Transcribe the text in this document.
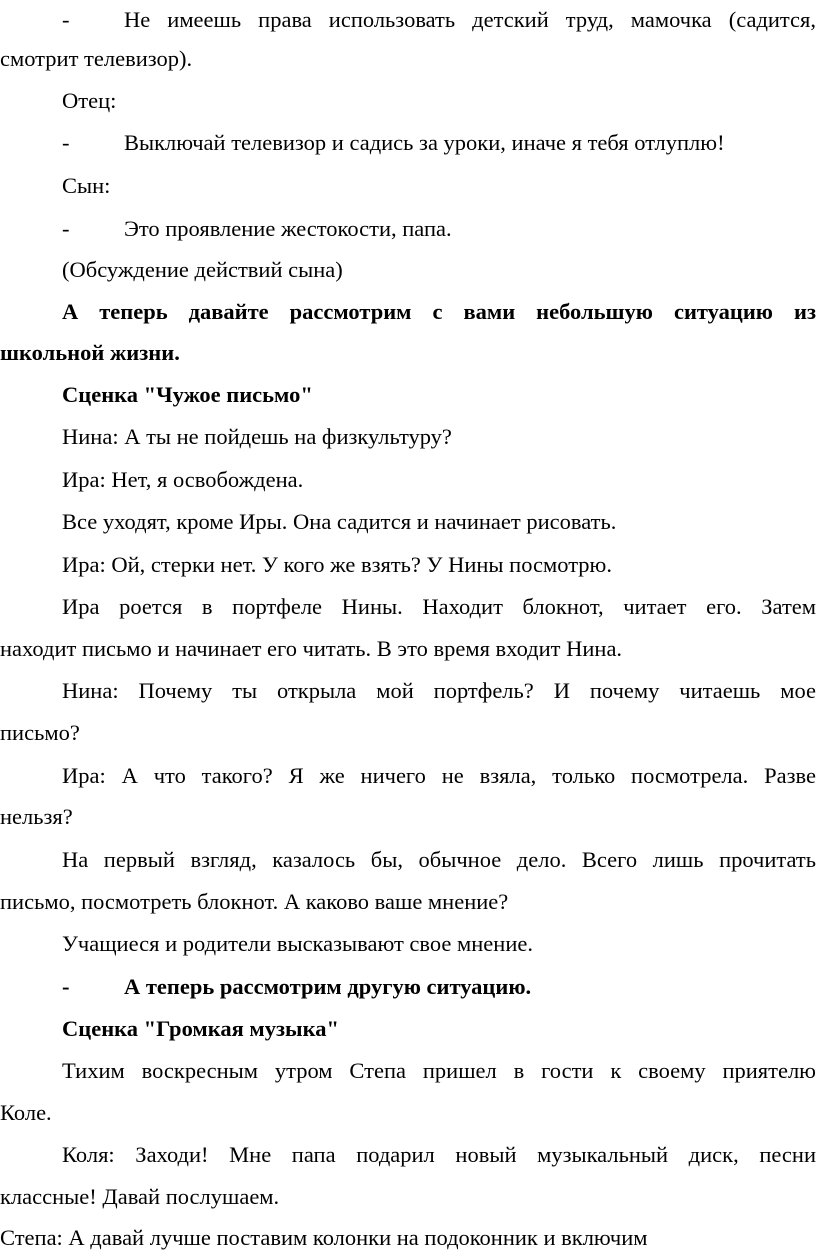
- Не имеешь права использовать детский труд, мамочка (садится,
смотрит телевизор).
Отец:
- Выключай телевизор и садись за уроки, иначе я тебя отлуплю!
Сын:
- Это проявление жестокости, папа.
(Обсуждение действий сына)
А теперь давайте рассмотрим с вами небольшую ситуацию из
школьной жизни.
Сценка "Чужое письмо"
Нина: А ты не пойдешь на физкультуру?
Ира: Нет, я освобождена.
Все уходят, кроме Иры. Она садится и начинает рисовать.
Ира: Ой, стерки нет. У кого же взять? У Нины посмотрю.
Ира роется в портфеле Нины. Находит блокнот, читает его. Затем
находит письмо и начинает его читать. В это время входит Нина.
Нина: Почему ты открыла мой портфель? И почему читаешь мое
письмо?
Ира: А что такого? Я же ничего не взяла, только посмотрела. Разве
нельзя?
На первый взгляд, казалось бы, обычное дело. Всего лишь прочитать
письмо, посмотреть блокнот. А каково ваше мнение?
Учащиеся и родители высказывают свое мнение.
- А теперь рассмотрим другую ситуацию.
Сценка "Громкая музыка"
Тихим воскресным утром Степа пришел в гости к своему приятелю
Коле.
Коля: Заходи! Мне папа подарил новый музыкальный диск, песни
классные! Давай послушаем.
Степа: А давай лучше поставим колонки на подоконник и включим
